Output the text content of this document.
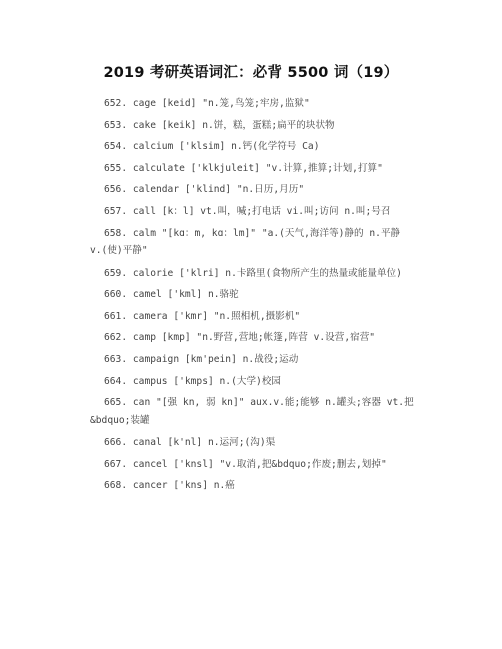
2019 考研英语词汇：必背 5500 词（19）
652. cage [keid] "n.笼,鸟笼;牢房,监狱"
653. cake [keik] n.饼，糕，蛋糕;扁平的块状物
654. calcium ['klsim] n.钙(化学符号 Ca)
655. calculate ['klkjuleit] "v.计算,推算;计划,打算"
656. calendar ['klind] "n.日历,月历"
657. call [k：l] vt.叫，喊;打电话 vi.叫;访问 n.叫;号召
658. calm "[kɑ：m, kɑ：lm]" "a.(天气,海洋等)静的 n.平静
v.(使)平静"
659. calorie ['klri] n.卡路里(食物所产生的热量或能量单位)
660. camel ['kml] n.骆驼
661. camera ['kmr] "n.照相机,摄影机"
662. camp [kmp] "n.野营,营地;帐篷,阵营 v.设营,宿营"
663. campaign [km'pein] n.战役;运动
664. campus ['kmps] n.(大学)校园
665. can "[强 kn, 弱 kn]" aux.v.能;能够 n.罐头;容器 vt.把
&bdquo;装罐
666. canal [k'nl] n.运河;(沟)渠
667. cancel ['knsl] "v.取消,把&bdquo;作废;删去,划掉"
668. cancer ['kns] n.癌
